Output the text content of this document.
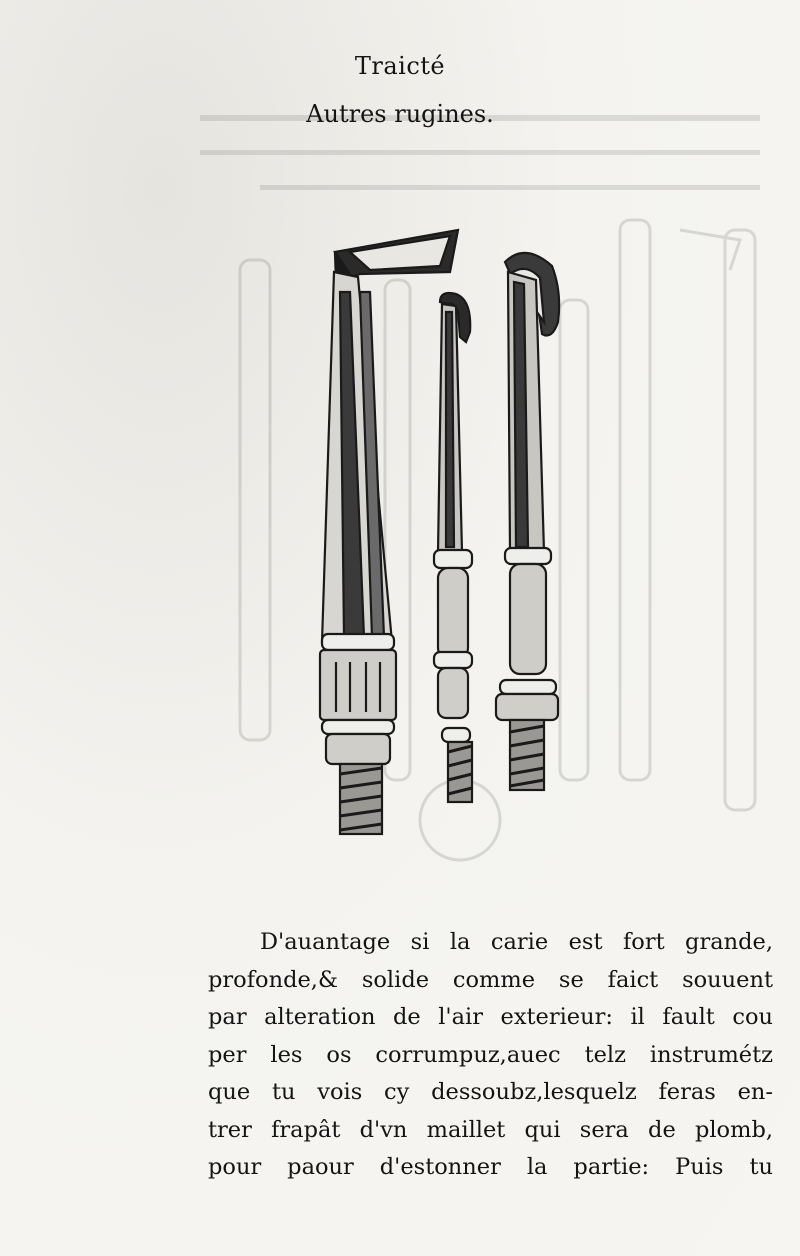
Traicté
Autres rugines.
D'auantage si la carie est fort grande,
profonde,& solide comme se faict souuent
par alteration de l'air exterieur: il fault cou
per les os corrumpuz,auec telz instrumétz
que tu vois cy dessoubz,lesquelz feras en-
trer frapât d'vn maillet qui sera de plomb,
pour paour d'estonner la partie: Puis tu
